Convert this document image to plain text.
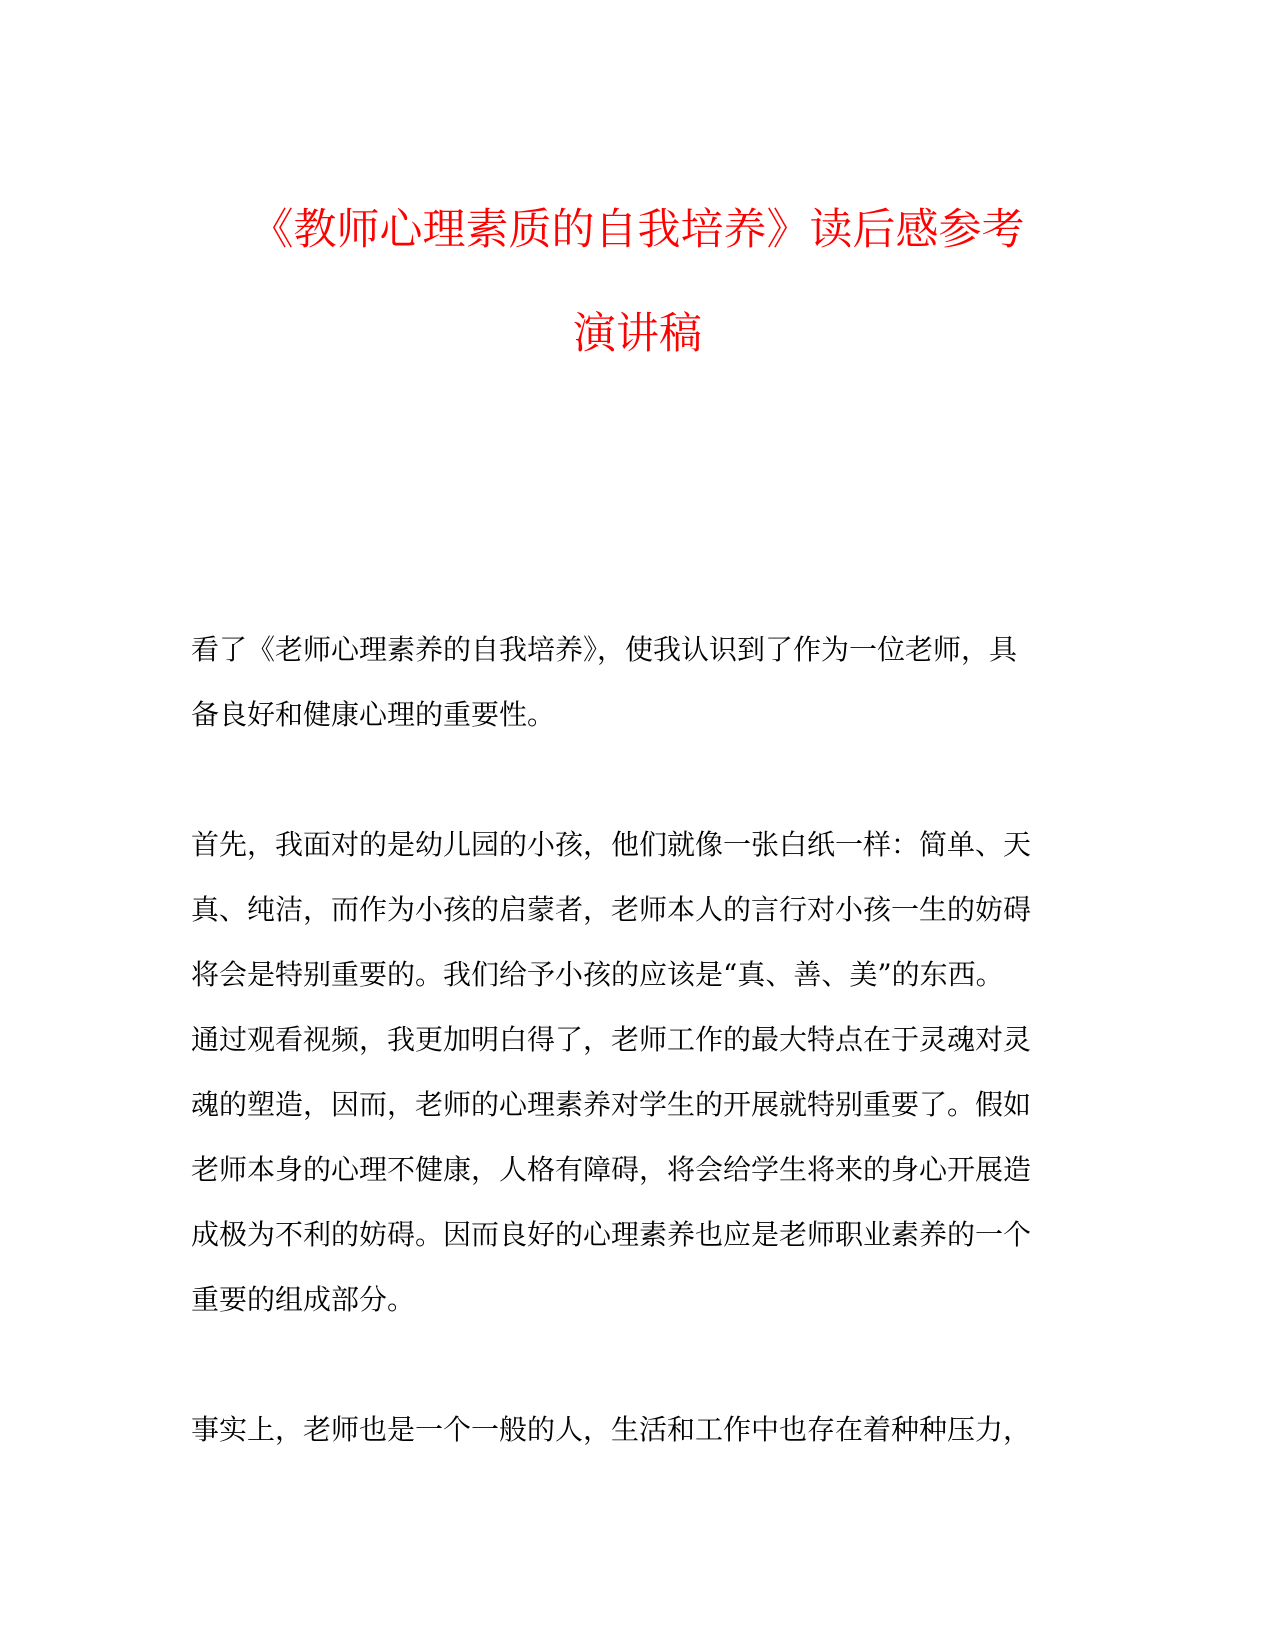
《教师心理素质的自我培养》读后感参考
演讲稿

看了《老师心理素养的自我培养》，使我认识到了作为一位老师，具
备良好和健康心理的重要性。

首先，我面对的是幼儿园的小孩，他们就像一张白纸一样：简单、天
真、纯洁，而作为小孩的启蒙者，老师本人的言行对小孩一生的妨碍
将会是特别重要的。我们给予小孩的应该是“真、善、美”的东西。
通过观看视频，我更加明白得了，老师工作的最大特点在于灵魂对灵
魂的塑造，因而，老师的心理素养对学生的开展就特别重要了。假如
老师本身的心理不健康，人格有障碍，将会给学生将来的身心开展造
成极为不利的妨碍。因而良好的心理素养也应是老师职业素养的一个
重要的组成部分。

事实上，老师也是一个一般的人，生活和工作中也存在着种种压力，
